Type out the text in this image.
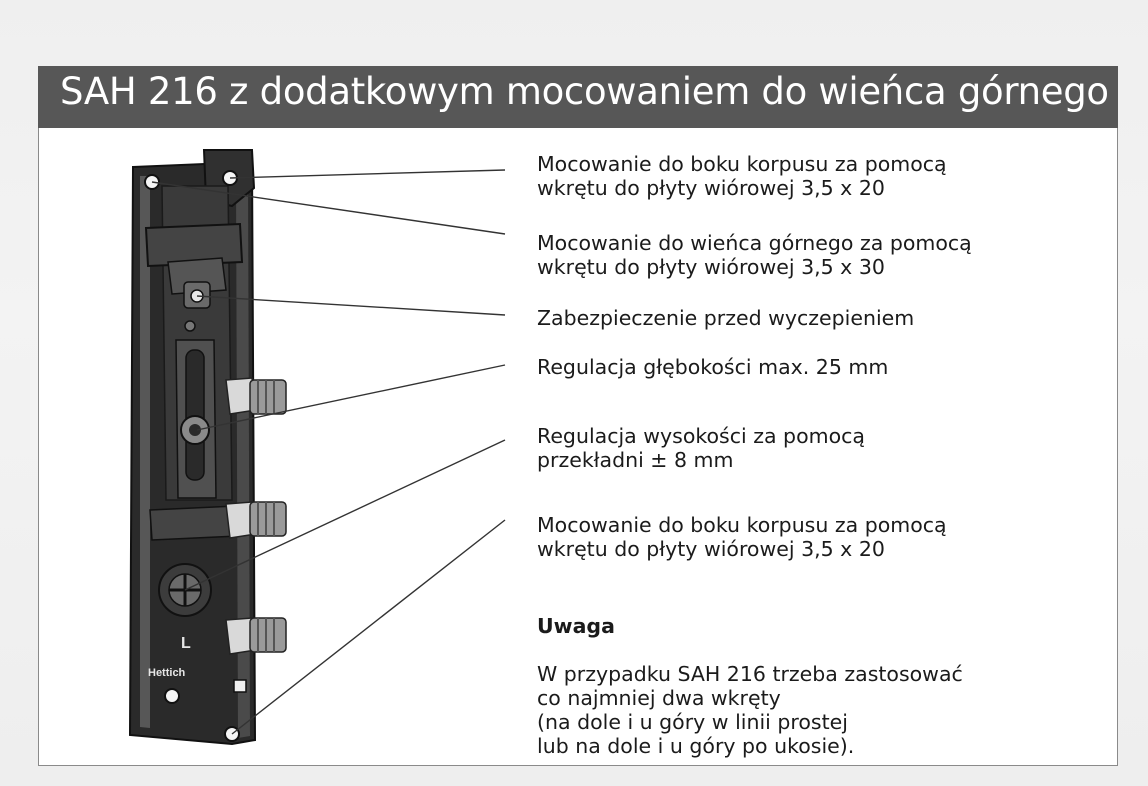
SAH 216 z dodatkowym mocowaniem do wieńca górnego
L
Hettich
Mocowanie do boku korpusu za pomocą
wkrętu do płyty wiórowej 3,5 x 20
Mocowanie do wieńca górnego za pomocą
wkrętu do płyty wiórowej 3,5 x 30
Zabezpieczenie przed wyczepieniem
Regulacja głębokości max. 25 mm
Regulacja wysokości za pomocą
przekładni ± 8 mm
Mocowanie do boku korpusu za pomocą
wkrętu do płyty wiórowej 3,5 x 20

Uwaga

W przypadku SAH 216 trzeba zastosować
co najmniej dwa wkręty
(na dole i u góry w linii prostej
lub na dole i u góry po ukosie).
